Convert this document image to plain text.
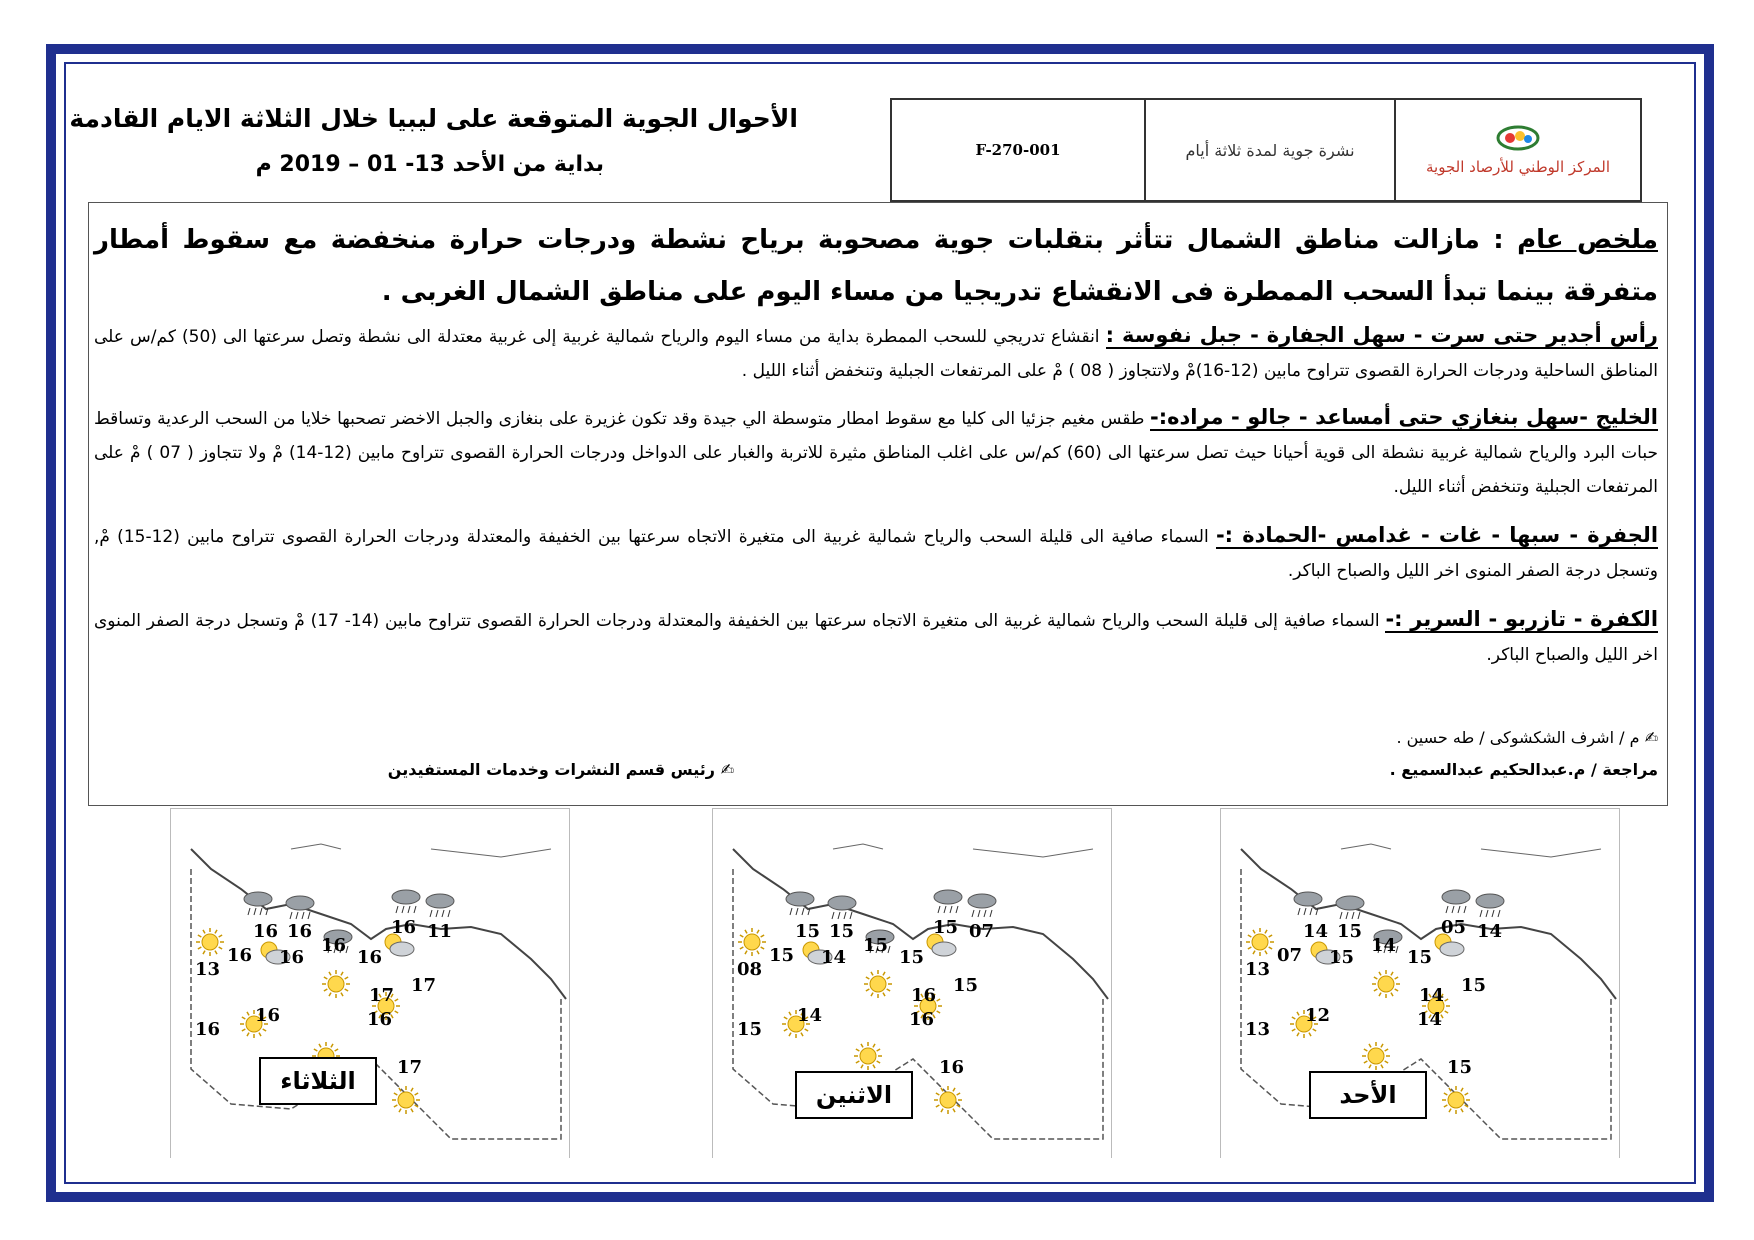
الأحوال الجوية المتوقعة على ليبيا خلال الثلاثة الايام القادمة
بداية من الأحد 13- 01 – 2019 م
F-270-001	نشرة جوية لمدة ثلاثة أيام
المركز الوطني للأرصاد الجوية
ملخص عام : مازالت مناطق الشمال تتأثر بتقلبات جوية مصحوبة برياح نشطة ودرجات حرارة منخفضة مع سقوط أمطار متفرقة بينما تبدأ السحب الممطرة فى الانقشاع تدريجيا من مساء اليوم على مناطق الشمال الغربى .
رأس أجدير حتى سرت - سهل الجفارة - جبل نفوسة : انقشاع تدريجي للسحب الممطرة بداية من مساء اليوم والرياح شمالية غربية إلى غربية معتدلة الى نشطة وتصل سرعتها الى (50) كم/س على المناطق الساحلية ودرجات الحرارة القصوى تتراوح مابين (12-16)مْ ولاتتجاوز ( 08 ) مْ على المرتفعات الجبلية وتنخفض أثناء الليل .
الخليج -سهل بنغازي حتى أمساعد - جالو - مراده:- طقس مغيم جزئيا الى كليا مع سقوط امطار متوسطة الي جيدة وقد تكون غزيرة على بنغازى والجبل الاخضر تصحبها خلايا من السحب الرعدية وتساقط حبات البرد والرياح شمالية غربية نشطة الى قوية أحيانا حيث تصل سرعتها الى (60) كم/س على اغلب المناطق مثيرة للاتربة والغبار على الدواخل ودرجات الحرارة القصوى تتراوح مابين (12-14) مْ ولا تتجاوز ( 07 ) مْ على المرتفعات الجبلية وتنخفض أثناء الليل.
الجفرة - سبها - غات - غدامس -الحمادة :- السماء صافية الى قليلة السحب والرياح شمالية غربية الى متغيرة الاتجاه سرعتها بين الخفيفة والمعتدلة ودرجات الحرارة القصوى تتراوح مابين (12-15) مْ, وتسجل درجة الصفر المنوى اخر الليل والصباح الباكر.
الكفرة - تازربو - السرير :- السماء صافية إلى قليلة السحب والرياح شمالية غربية الى متغيرة الاتجاه سرعتها بين الخفيفة والمعتدلة ودرجات الحرارة القصوى تتراوح مابين (14- 17) مْ وتسجل درجة الصفر المنوى اخر الليل والصباح الباكر.
✍ م / اشرف الشكشوكى / طه حسين .
مراجعة / م.عبدالحكيم عبدالسميع .
✍ رئيس قسم النشرات وخدمات المستفيدين
14 15	05 14
07
13
15
14
15
14 15
12
13	14
15
الأحد
15 15	15 07
15
08
14
15
15
16 15
14
15	16
16
الاثنين
16 16	16 11
16
13
16
16
16
17 17
16
16	16
17
الثلاثاء
